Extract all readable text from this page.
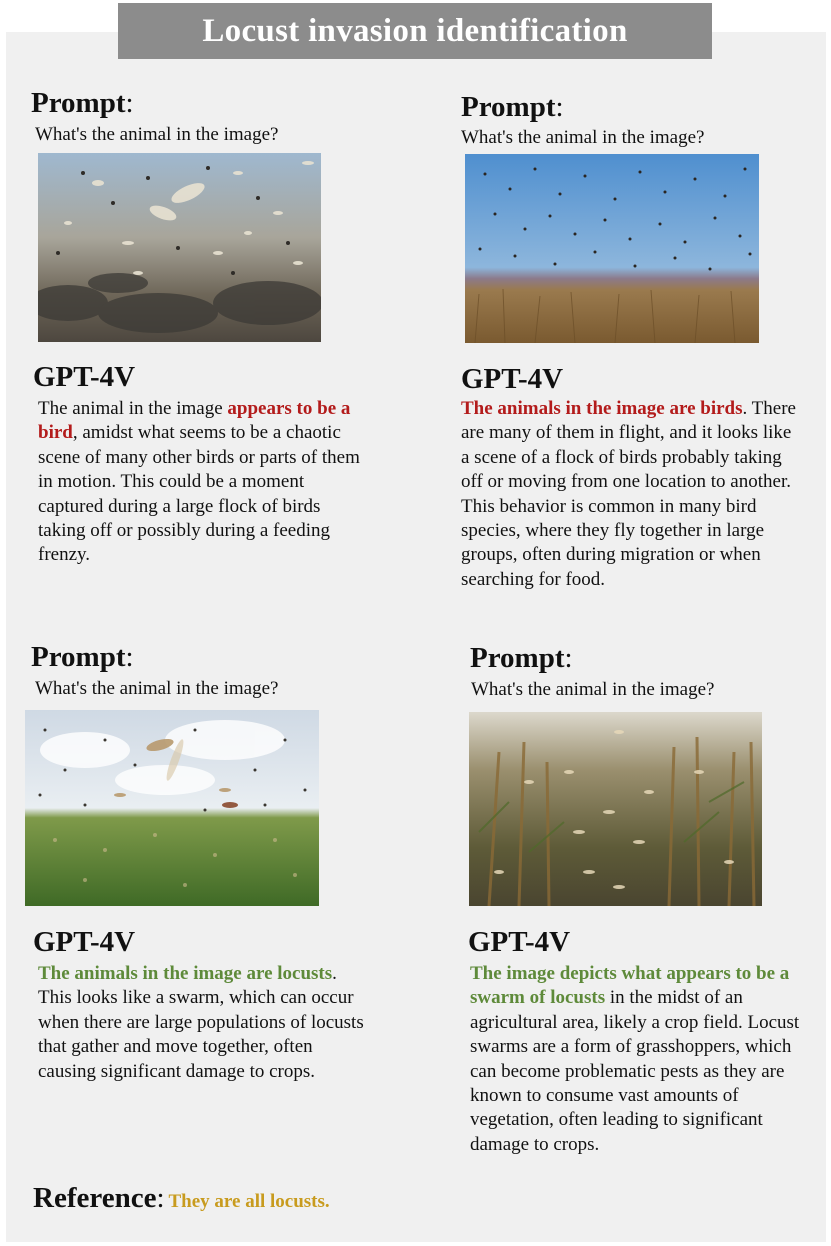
Locust invasion identification
Prompt:
What's the animal in the image?
GPT-4V
The animal in the image appears to be a bird, amidst what seems to be a chaotic scene of many other birds or parts of them in motion. This could be a moment captured during a large flock of birds taking off or possibly during a feeding frenzy.
Prompt:
What's the animal in the image?
GPT-4V
The animals in the image are birds. There are many of them in flight, and it looks like a scene of a flock of birds probably taking off or moving from one location to another. This behavior is common in many bird species, where they fly together in large groups, often during migration or when searching for food.
Prompt:
What's the animal in the image?
GPT-4V
The animals in the image are locusts. This looks like a swarm, which can occur when there are large populations of locusts that gather and move together, often causing significant damage to crops.
Prompt:
What's the animal in the image?
GPT-4V
The image depicts what appears to be a swarm of locusts in the midst of an agricultural area, likely a crop field. Locust swarms are a form of grasshoppers, which can become problematic pests as they are known to consume vast amounts of vegetation, often leading to significant damage to crops.
Reference: They are all locusts.
